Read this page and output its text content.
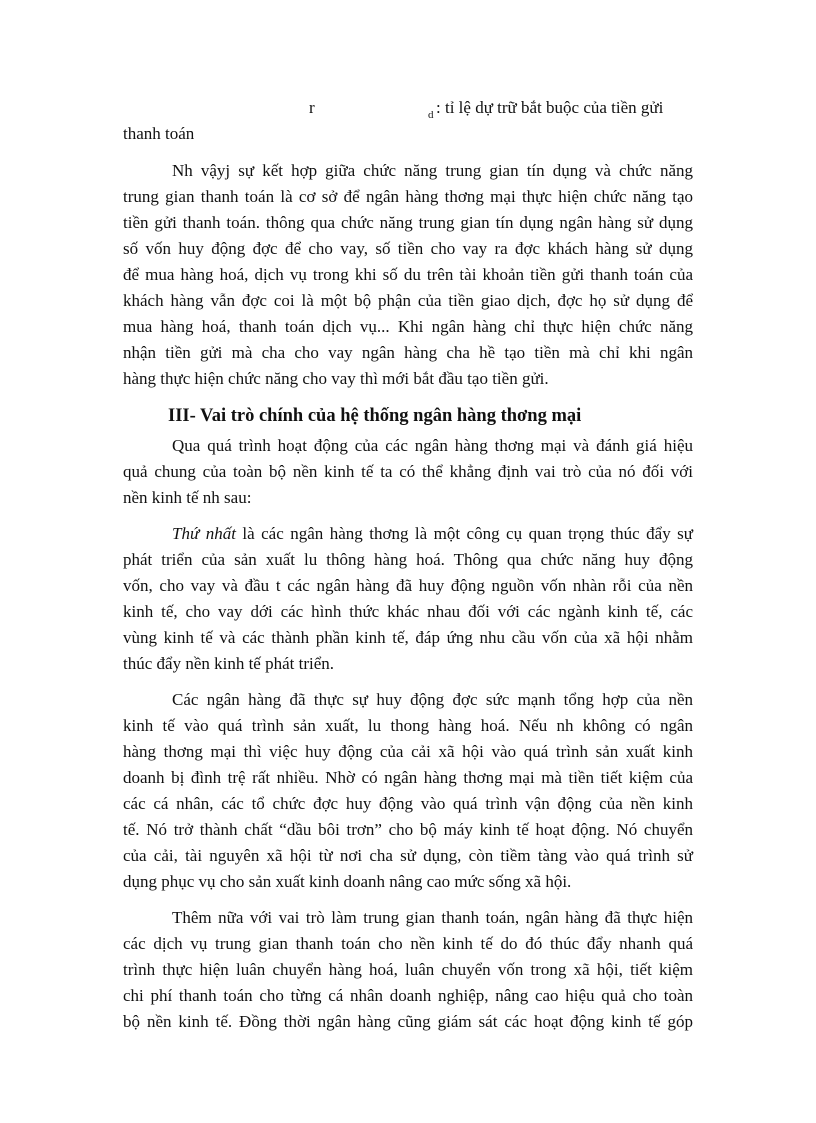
r	d : tỉ lệ dự trữ bắt buộc của tiền gửi
thanh toán
Nh vậyj sự kết hợp giữa chức năng trung gian tín dụng và chức năng
trung gian thanh toán là cơ sở để ngân hàng thơng mại thực hiện chức năng tạo
tiền gửi thanh toán. thông qua chức năng trung gian tín dụng ngân hàng sử dụng
số vốn huy động đợc để cho vay, số tiền cho vay ra đợc khách hàng sử dụng
để mua hàng hoá, dịch vụ trong khi số du trên tài khoản tiền gửi thanh toán của
khách hàng vẫn đợc coi là một bộ phận của tiền giao dịch, đợc họ sử dụng để
mua hàng hoá, thanh toán dịch vụ... Khi ngân hàng chỉ thực hiện chức năng
nhận tiền gửi mà cha cho vay ngân hàng cha hề tạo tiền mà chỉ khi ngân
hàng thực hiện chức năng cho vay thì mới bắt đầu tạo tiền gửi.
III- Vai trò chính của hệ thống ngân hàng thơng mại
Qua quá trình hoạt động của các ngân hàng thơng mại và đánh giá hiệu
quả chung của toàn bộ nền kinh tế ta có thể khẳng định vai trò của nó đối với
nền kinh tế nh sau:
Thứ nhất là các ngân hàng thơng là một công cụ quan trọng thúc đẩy sự
phát triển của sản xuất lu thông hàng hoá. Thông qua chức năng huy động
vốn, cho vay và đầu t các ngân hàng đã huy động nguồn vốn nhàn rỗi của nền
kinh tế, cho vay dới các hình thức khác nhau đối với các ngành kinh tế, các
vùng kinh tế và các thành phần kinh tế, đáp ứng nhu cầu vốn của xã hội nhằm
thúc đẩy nền kinh tế phát triển.
Các ngân hàng đã thực sự huy động đợc sức mạnh tổng hợp của nền
kinh tế vào quá trình sản xuất, lu thong hàng hoá. Nếu nh không có ngân
hàng thơng mại thì việc huy động của cải xã hội vào quá trình sản xuất kinh
doanh bị đình trệ rất nhiều. Nhờ có ngân hàng thơng mại mà tiền tiết kiệm của
các cá nhân, các tổ chức đợc huy động vào quá trình vận động của nền kinh
tế. Nó trở thành chất “dầu bôi trơn” cho bộ máy kinh tế hoạt động. Nó chuyển
của cải, tài nguyên xã hội từ nơi cha sử dụng, còn tiềm tàng vào quá trình sử
dụng phục vụ cho sản xuất kinh doanh nâng cao mức sống xã hội.
Thêm nữa với vai trò làm trung gian thanh toán, ngân hàng đã thực hiện
các dịch vụ trung gian thanh toán cho nền kinh tế do đó thúc đẩy nhanh quá
trình thực hiện luân chuyển hàng hoá, luân chuyển vốn trong xã hội, tiết kiệm
chi phí thanh toán cho từng cá nhân doanh nghiệp, nâng cao hiệu quả cho toàn
bộ nền kinh tế. Đồng thời ngân hàng cũng giám sát các hoạt động kinh tế góp
